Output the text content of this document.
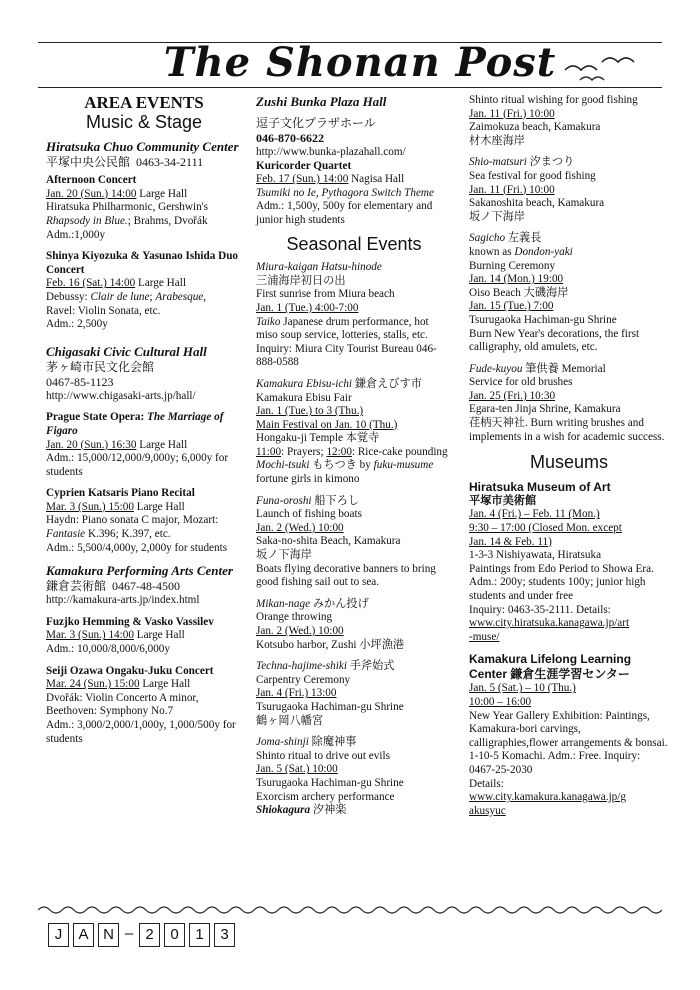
The Shonan Post
AREA EVENTS
Music & Stage
Hiratsuka Chuo Community Center
平塚中央公民館 0463-34-2111
Afternoon Concert
Jan. 20 (Sun.) 14:00 Large Hall
Hiratsuka Philharmonic, Gershwin's
Rhapsody in Blue.; Brahms, Dvořák
Adm.:1,000y
Shinya Kiyozuka & Yasunao Ishida Duo Concert
Feb. 16 (Sat.) 14:00 Large Hall
Debussy: Clair de lune; Arabesque,
Ravel: Violin Sonata, etc.
Adm.: 2,500y
Chigasaki Civic Cultural Hall
茅ヶ崎市民文化会館
0467-85-1123
http://www.chigasaki-arts.jp/hall/
Prague State Opera: The Marriage of Figaro
Jan. 20 (Sun.) 16:30 Large Hall
Adm.: 15,000/12,000/9,000y; 6,000y for students
Cyprien Katsaris Piano Recital
Mar. 3 (Sun.) 15:00 Large Hall
Haydn: Piano sonata C major, Mozart:
Fantasie K.396; K.397, etc.
Adm.: 5,500/4,000y, 2,000y for students
Kamakura Performing Arts Center
鎌倉芸術館 0467-48-4500
http://kamakura-arts.jp/index.html
Fuzjko Hemming & Vasko Vassilev
Mar. 3 (Sun.) 14:00 Large Hall
Adm.: 10,000/8,000/6,000y
Seiji Ozawa Ongaku-Juku Concert
Mar. 24 (Sun.) 15:00 Large Hall
Dvořák: Violin Concerto A minor,
Beethoven: Symphony No.7
Adm.: 3,000/2,000/1,000y, 1,000/500y for students
Zushi Bunka Plaza Hall
逗子文化プラザホール
046-870-6622
http://www.bunka-plazahall.com/
Kuricorder Quartet
Feb. 17 (Sun.) 14:00 Nagisa Hall
Tsumiki no Ie, Pythagora Switch Theme
Adm.: 1,500y, 500y for elementary and junior high students
Seasonal Events
Miura-kaigan Hatsu-hinode
三浦海岸初日の出
First sunrise from Miura beach
Jan. 1 (Tue.) 4:00-7:00
Taiko Japanese drum performance, hot miso soup service, lotteries, stalls, etc.
Inquiry: Miura City Tourist Bureau 046-888-0588
Kamakura Ebisu-ichi 鎌倉えびす市
Kamakura Ebisu Fair
Jan. 1 (Tue.) to 3 (Thu.)
Main Festival on Jan. 10 (Thu.)
Hongaku-ji Temple 本覚寺
11:00: Prayers; 12:00: Rice-cake pounding Mochi-tsuki もちつき by fuku-musume fortune girls in kimono
Funa-oroshi 船下ろし
Launch of fishing boats
Jan. 2 (Wed.) 10:00
Saka-no-shita Beach, Kamakura
坂ノ下海岸
Boats flying decorative banners to bring good fishing sail out to sea.
Mikan-nage みかん投げ
Orange throwing
Jan. 2 (Wed.) 10:00
Kotsubo harbor, Zushi 小坪漁港
Techna-hajime-shiki 手斧始式
Carpentry Ceremony
Jan. 4 (Fri.) 13:00
Tsurugaoka Hachiman-gu Shrine
鶴ヶ岡八幡宮
Joma-shinji 除魔神事
Shinto ritual to drive out evils
Jan. 5 (Sat.) 10:00
Tsurugaoka Hachiman-gu Shrine
Exorcism archery performance
Shiokagura 汐神楽
Shinto ritual wishing for good fishing
Jan. 11 (Fri.) 10:00
Zaimokuza beach, Kamakura
材木座海岸
Shio-matsuri 汐まつり
Sea festival for good fishing
Jan. 11 (Fri.) 10:00
Sakanoshita beach, Kamakura
坂ノ下海岸
Sagicho 左義長
known as Dondon-yaki
Burning Ceremony
Jan. 14 (Mon.) 19:00
Oiso Beach 大磯海岸
Jan. 15 (Tue.) 7:00
Tsurugaoka Hachiman-gu Shrine
Burn New Year's decorations, the first calligraphy, old amulets, etc.
Fude-kuyou 筆供養 Memorial
Service for old brushes
Jan. 25 (Fri.) 10:30
Egara-ten Jinja Shrine, Kamakura
荏柄天神社. Burn writing brushes and implements in a wish for academic success.
Museums
Hiratsuka Museum of Art
平塚市美術館
Jan. 4 (Fri.) – Feb. 11 (Mon.)
9:30 – 17:00 (Closed Mon. except
Jan. 14 & Feb. 11)
1-3-3 Nishiyawata, Hiratsuka
Paintings from Edo Period to Showa Era. Adm.: 200y; students 100y; junior high students and under free
Inquiry: 0463-35-2111. Details:
www.city.hiratsuka.kanagawa.jp/art
-muse/
Kamakura Lifelong Learning Center 鎌倉生涯学習センター
Jan. 5 (Sat.) – 10 (Thu.)
10:00 – 16:00
New Year Gallery Exhibition: Paintings, Kamakura-bori carvings, calligraphies,flower arrangements & bonsai. 1-10-5 Komachi. Adm.: Free. Inquiry: 0467-25-2030
Details:
www.city.kamakura.kanagawa.jp/g
akusyuc
J	A N – 2	0	1	3
